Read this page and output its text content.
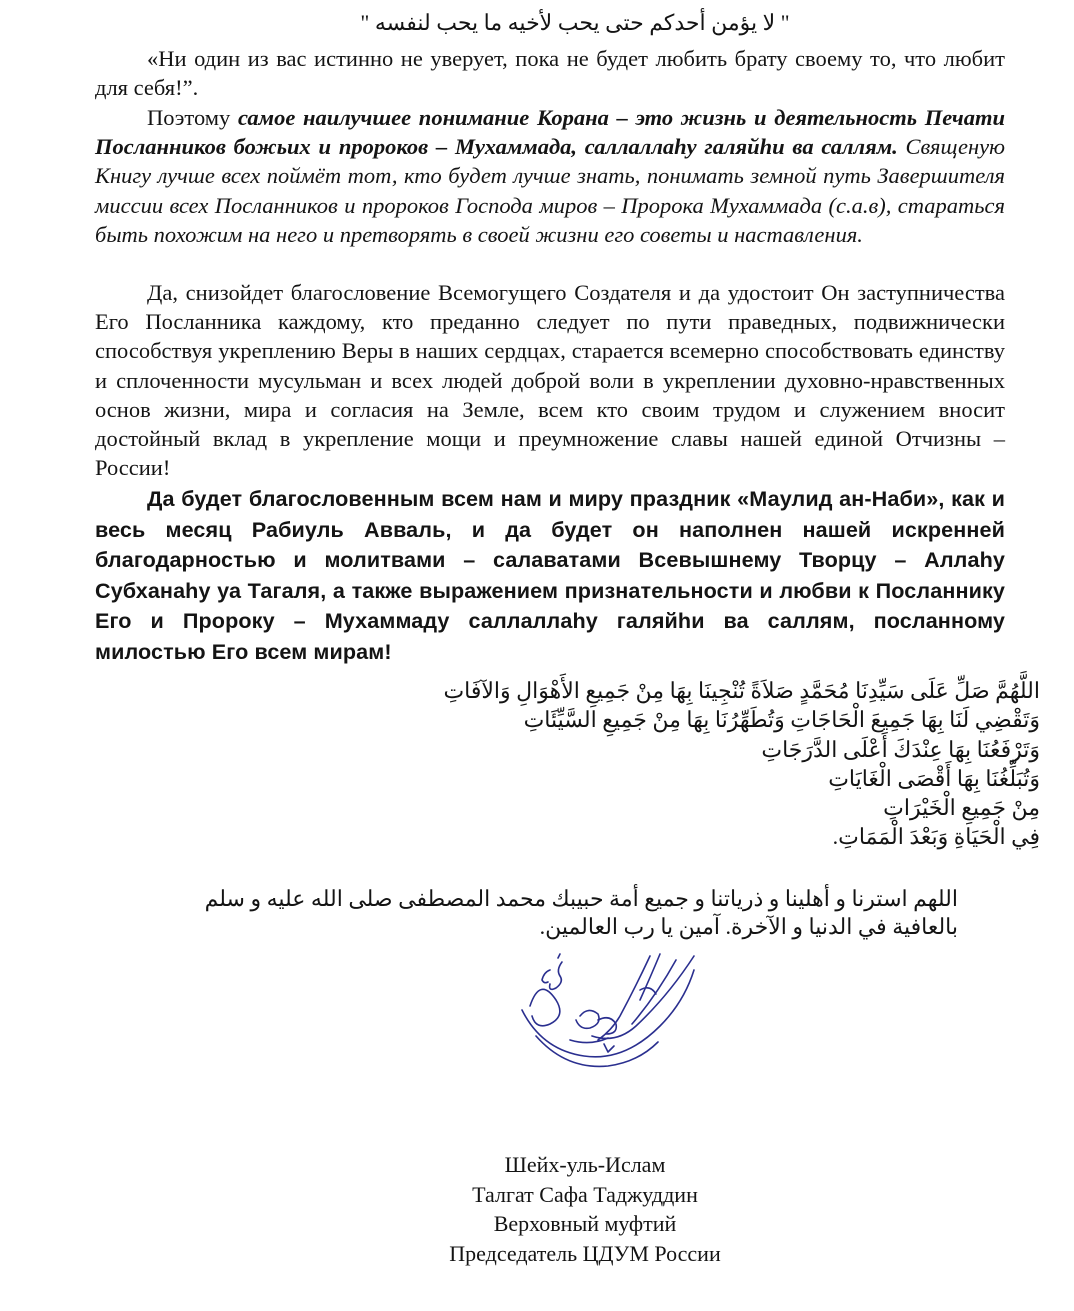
" لا يؤمن أحدكم حتى يحب لأخيه ما يحب لنفسه "

«Ни один из вас истинно не уверует, пока не будет любить брату своему то, что любит для себя!”.

Поэтому самое наилучшее понимание Корана – это жизнь и деятельность Печати Посланников божьих и пророков – Мухаммада, саллаллаhу галяйhи ва саллям. Священую Книгу лучше всех поймёт тот, кто будет лучше знать, понимать земной путь Завершителя миссии всех Посланников и пророков Господа миров – Пророка Мухаммада (с.а.в), стараться быть похожим на него и претворять в своей жизни его советы и наставления.

Да, снизойдет благословение Всемогущего Создателя и да удостоит Он заступничества Его Посланника каждому, кто преданно следует по пути праведных, подвижнически способствуя укреплению Веры в наших сердцах, старается всемерно способствовать единству и сплоченности мусульман и всех людей доброй воли в укреплении духовно-нравственных основ жизни, мира и согласия на Земле, всем кто своим трудом и служением вносит достойный вклад в укрепление мощи и преумножение славы нашей единой Отчизны – России!

Да будет благословенным всем нам и миру праздник «Маулид ан-Наби», как и весь месяц Рабиуль Авваль, и да будет он наполнен нашей искренней благодарностью и молитвами – салаватами Всевышнему Творцу – Аллаhу Субханаhу уа Тагаля, а также выражением признательности и любви к Посланнику Его и Пророку – Мухаммаду саллаллаhу галяйhи ва саллям, посланному милостью Его всем мирам!

اللَّهُمَّ صَلِّ عَلَى سَيِّدِنَا مُحَمَّدٍ صَلاَةً تُنْجِينَا بِهَا مِنْ جَمِيعِ الأَهْوَالِ وَالآفَاتِ
وَتَقْضِي لَنَا بِهَا جَمِيعَ الْحَاجَاتِ وَتُطَهِّرُنَا بِهَا مِنْ جَمِيعِ السَّيِّئَاتِ
وَتَرْفَعُنَا بِهَا عِنْدَكَ أَعْلَى الدَّرَجَاتِ
وَتُبَلِّغُنَا بِهَا أَقْصَى الْغَايَاتِ
مِنْ جَمِيعِ الْخَيْرَاتِ
فِي الْحَيَاةِ وَبَعْدَ الْمَمَاتِ.
اللهم استرنا و أهلينا و ذرياتنا و جميع أمة حبيبك محمد المصطفى صلى الله عليه و سلم
بالعافية في الدنيا و الآخرة. آمين يا رب العالمين.
Шейх-уль-Ислам
Талгат Сафа Таджуддин
Верховный муфтий
Председатель ЦДУМ России
